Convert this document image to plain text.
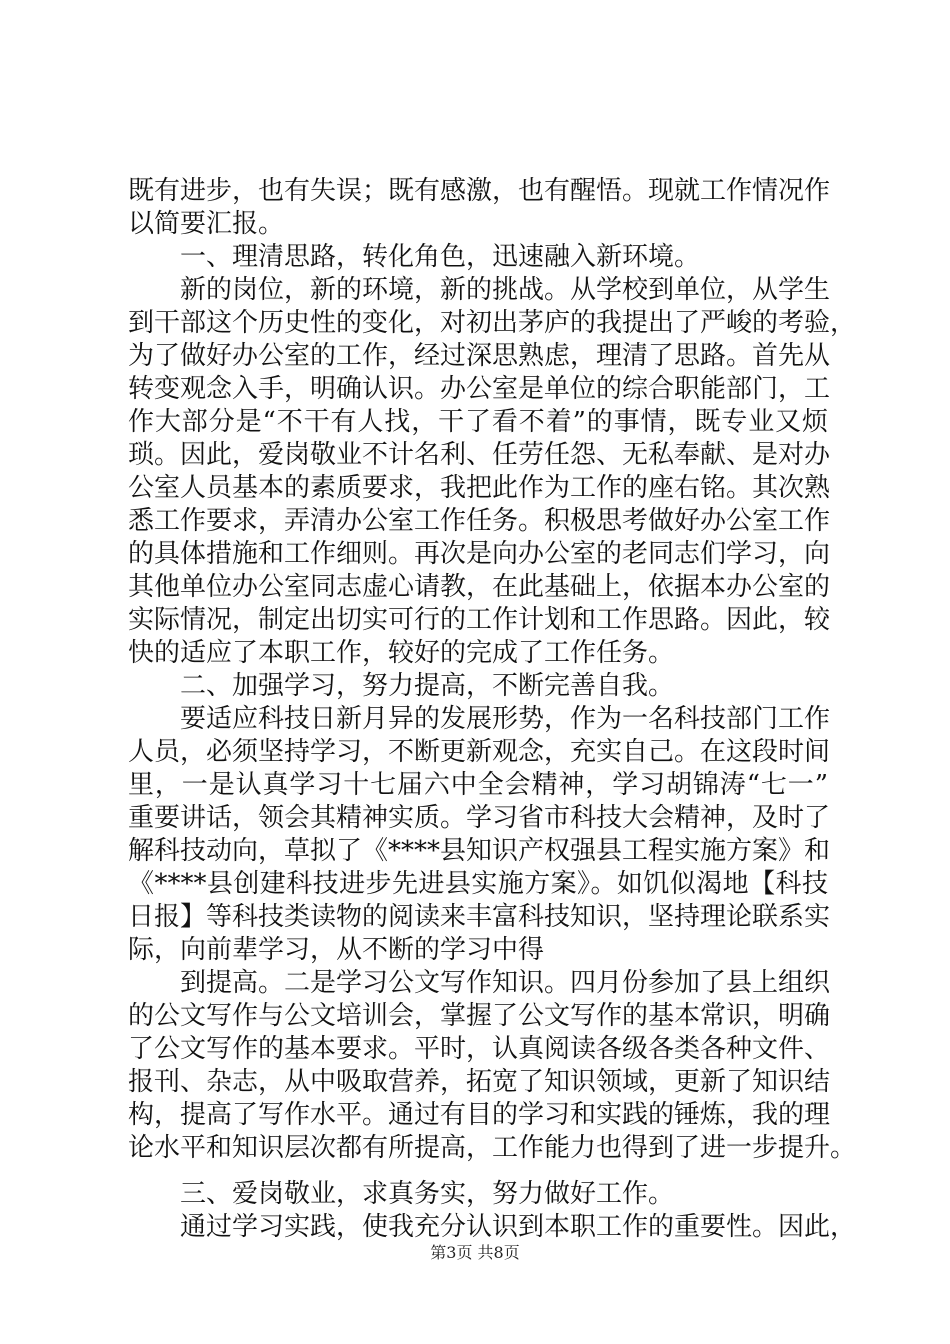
既有进步，也有失误；既有感激，也有醒悟。现就工作情况作
以简要汇报。
　　一、理清思路，转化角色，迅速融入新环境。
　　新的岗位，新的环境，新的挑战。从学校到单位，从学生
到干部这个历史性的变化，对初出茅庐的我提出了严峻的考验，
为了做好办公室的工作，经过深思熟虑，理清了思路。首先从
转变观念入手，明确认识。办公室是单位的综合职能部门，工
作大部分是“不干有人找，干了看不着”的事情，既专业又烦
琐。因此，爱岗敬业不计名利、任劳任怨、无私奉献、是对办
公室人员基本的素质要求，我把此作为工作的座右铭。其次熟
悉工作要求，弄清办公室工作任务。积极思考做好办公室工作
的具体措施和工作细则。再次是向办公室的老同志们学习，向
其他单位办公室同志虚心请教，在此基础上，依据本办公室的
实际情况，制定出切实可行的工作计划和工作思路。因此，较
快的适应了本职工作，较好的完成了工作任务。
　　二、加强学习，努力提高，不断完善自我。
　　要适应科技日新月异的发展形势，作为一名科技部门工作
人员，必须坚持学习，不断更新观念，充实自己。在这段时间
里，一是认真学习十七届六中全会精神，学习胡锦涛“七一”
重要讲话，领会其精神实质。学习省市科技大会精神，及时了
解科技动向，草拟了《****县知识产权强县工程实施方案》和
《****县创建科技进步先进县实施方案》。如饥似渴地【科技
日报】等科技类读物的阅读来丰富科技知识，坚持理论联系实
际，向前辈学习，从不断的学习中得
　　到提高。二是学习公文写作知识。四月份参加了县上组织
的公文写作与公文培训会，掌握了公文写作的基本常识，明确
了公文写作的基本要求。平时，认真阅读各级各类各种文件、
报刊、杂志，从中吸取营养，拓宽了知识领域，更新了知识结
构，提高了写作水平。通过有目的学习和实践的锤炼，我的理
论水平和知识层次都有所提高，工作能力也得到了进一步提升。
　　三、爱岗敬业，求真务实，努力做好工作。
　　通过学习实践，使我充分认识到本职工作的重要性。因此，
第3页 共8页
